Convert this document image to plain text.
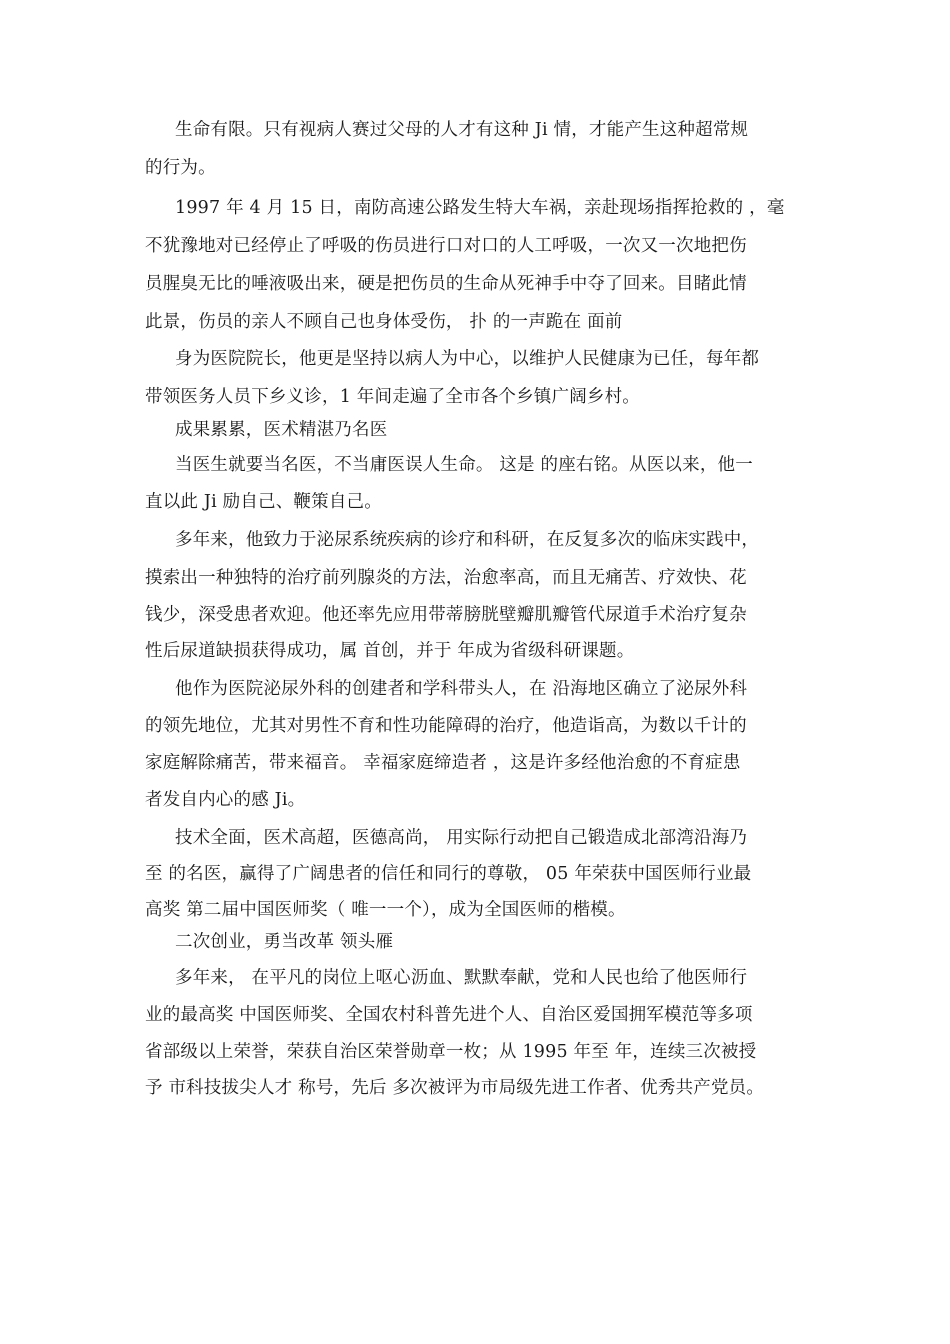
生命有限。只有视病人赛过父母的人才有这种 Ji 情，才能产生这种超常规
的行为。
1997 年 4 月 15 日，南防高速公路发生特大车祸，亲赴现场指挥抢救的 ，毫
不犹豫地对已经停止了呼吸的伤员进行口对口的人工呼吸，一次又一次地把伤
员腥臭无比的唾液吸出来，硬是把伤员的生命从死神手中夺了回来。目睹此情
此景，伤员的亲人不顾自己也身体受伤， 扑 的一声跪在 面前
身为医院院长，他更是坚持以病人为中心，以维护人民健康为已任，每年都
带领医务人员下乡义诊，1 年间走遍了全市各个乡镇广阔乡村。
成果累累，医术精湛乃名医
当医生就要当名医，不当庸医误人生命。 这是 的座右铭。从医以来，他一
直以此 Ji 励自己、鞭策自己。
多年来，他致力于泌尿系统疾病的诊疗和科研，在反复多次的临床实践中，
摸索出一种独特的治疗前列腺炎的方法，治愈率高，而且无痛苦、疗效快、花
钱少，深受患者欢迎。他还率先应用带蒂膀胱壁瓣肌瓣管代尿道手术治疗复杂
性后尿道缺损获得成功，属 首创，并于 年成为省级科研课题。
他作为医院泌尿外科的创建者和学科带头人，在 沿海地区确立了泌尿外科
的领先地位，尤其对男性不育和性功能障碍的治疗，他造诣高，为数以千计的
家庭解除痛苦，带来福音。 幸福家庭缔造者 ，这是许多经他治愈的不育症患
者发自内心的感 Ji。
技术全面，医术高超，医德高尚， 用实际行动把自己锻造成北部湾沿海乃
至 的名医，赢得了广阔患者的信任和同行的尊敬， 05 年荣获中国医师行业最
高奖 第二届中国医师奖（ 唯一一个），成为全国医师的楷模。
二次创业，勇当改革 领头雁
多年来， 在平凡的岗位上呕心沥血、默默奉献，党和人民也给了他医师行
业的最高奖 中国医师奖、全国农村科普先进个人、自治区爱国拥军模范等多项
省部级以上荣誉，荣获自治区荣誉勋章一枚；从 1995 年至 年，连续三次被授
予 市科技拔尖人才 称号，先后 多次被评为市局级先进工作者、优秀共产党员。
